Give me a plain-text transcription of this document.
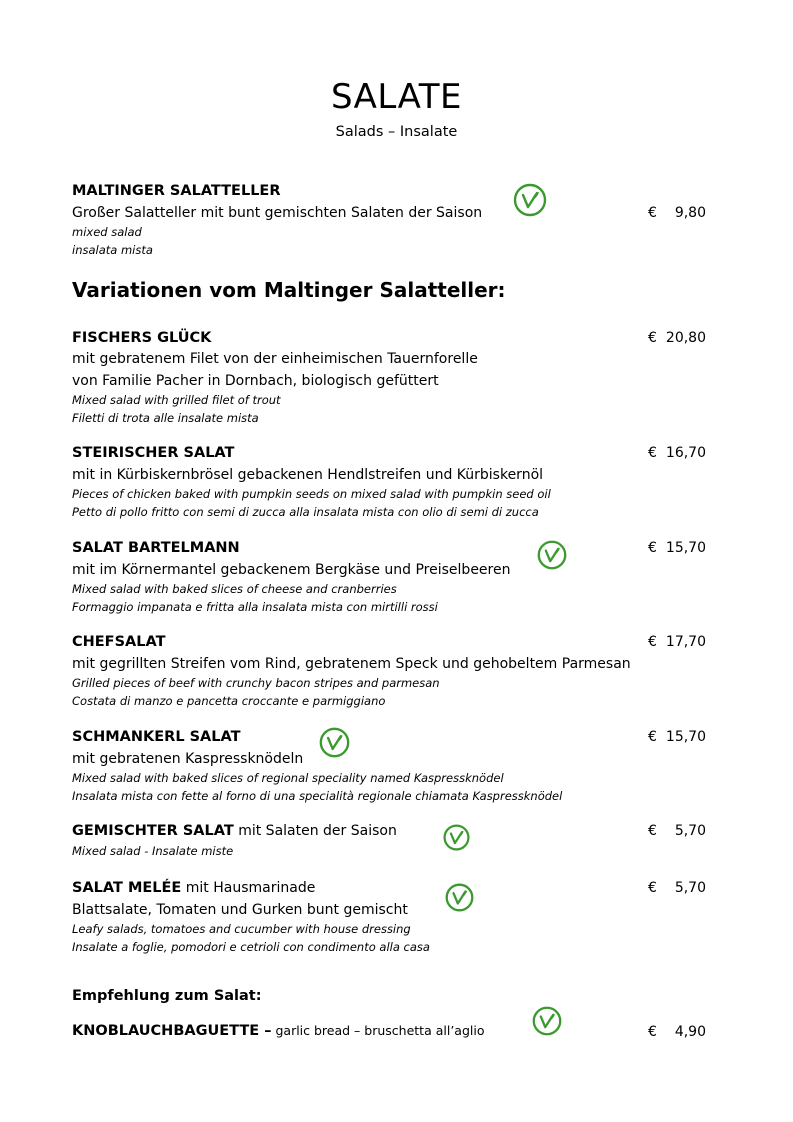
SALATE
Salads – Insalate
MALTINGER SALATTELLER
Großer Salatteller mit bunt gemischten Salaten der Saison
mixed salad
insalata mista
€ 9,80
Variationen vom Maltinger Salatteller:
FISCHERS GLÜCK
mit gebratenem Filet von der einheimischen Tauernforelle
von Familie Pacher in Dornbach, biologisch gefüttert
Mixed salad with grilled filet of trout
Filetti di trota alle insalate mista
€ 20,80
STEIRISCHER SALAT
mit in Kürbiskernbrösel gebackenen Hendlstreifen und Kürbiskernöl
Pieces of chicken baked with pumpkin seeds on mixed salad with pumpkin seed oil
Petto di pollo fritto con semi di zucca alla insalata mista con olio di semi di zucca
€ 16,70
SALAT BARTELMANN
mit im Körnermantel gebackenem Bergkäse und Preiselbeeren
Mixed salad with baked slices of cheese and cranberries
Formaggio impanata e fritta alla insalata mista con mirtilli rossi
€ 15,70
CHEFSALAT
mit gegrillten Streifen vom Rind, gebratenem Speck und gehobeltem Parmesan
Grilled pieces of beef with crunchy bacon stripes and parmesan
Costata di manzo e pancetta croccante e parmiggiano
€ 17,70
SCHMANKERL SALAT
mit gebratenen Kaspressknödeln
Mixed salad with baked slices of regional speciality named Kaspressknödel
Insalata mista con fette al forno di una specialità regionale chiamata Kaspressknödel
€ 15,70
GEMISCHTER SALAT mit Salaten der Saison
Mixed salad - Insalate miste
€ 5,70
SALAT MELÉE mit Hausmarinade
Blattsalate, Tomaten und Gurken bunt gemischt
Leafy salads, tomatoes and cucumber with house dressing
Insalate a foglie, pomodori e cetrioli con condimento alla casa
€ 5,70
Empfehlung zum Salat:
KNOBLAUCHBAGUETTE – garlic bread – bruschetta all’aglio	€ 4,90
